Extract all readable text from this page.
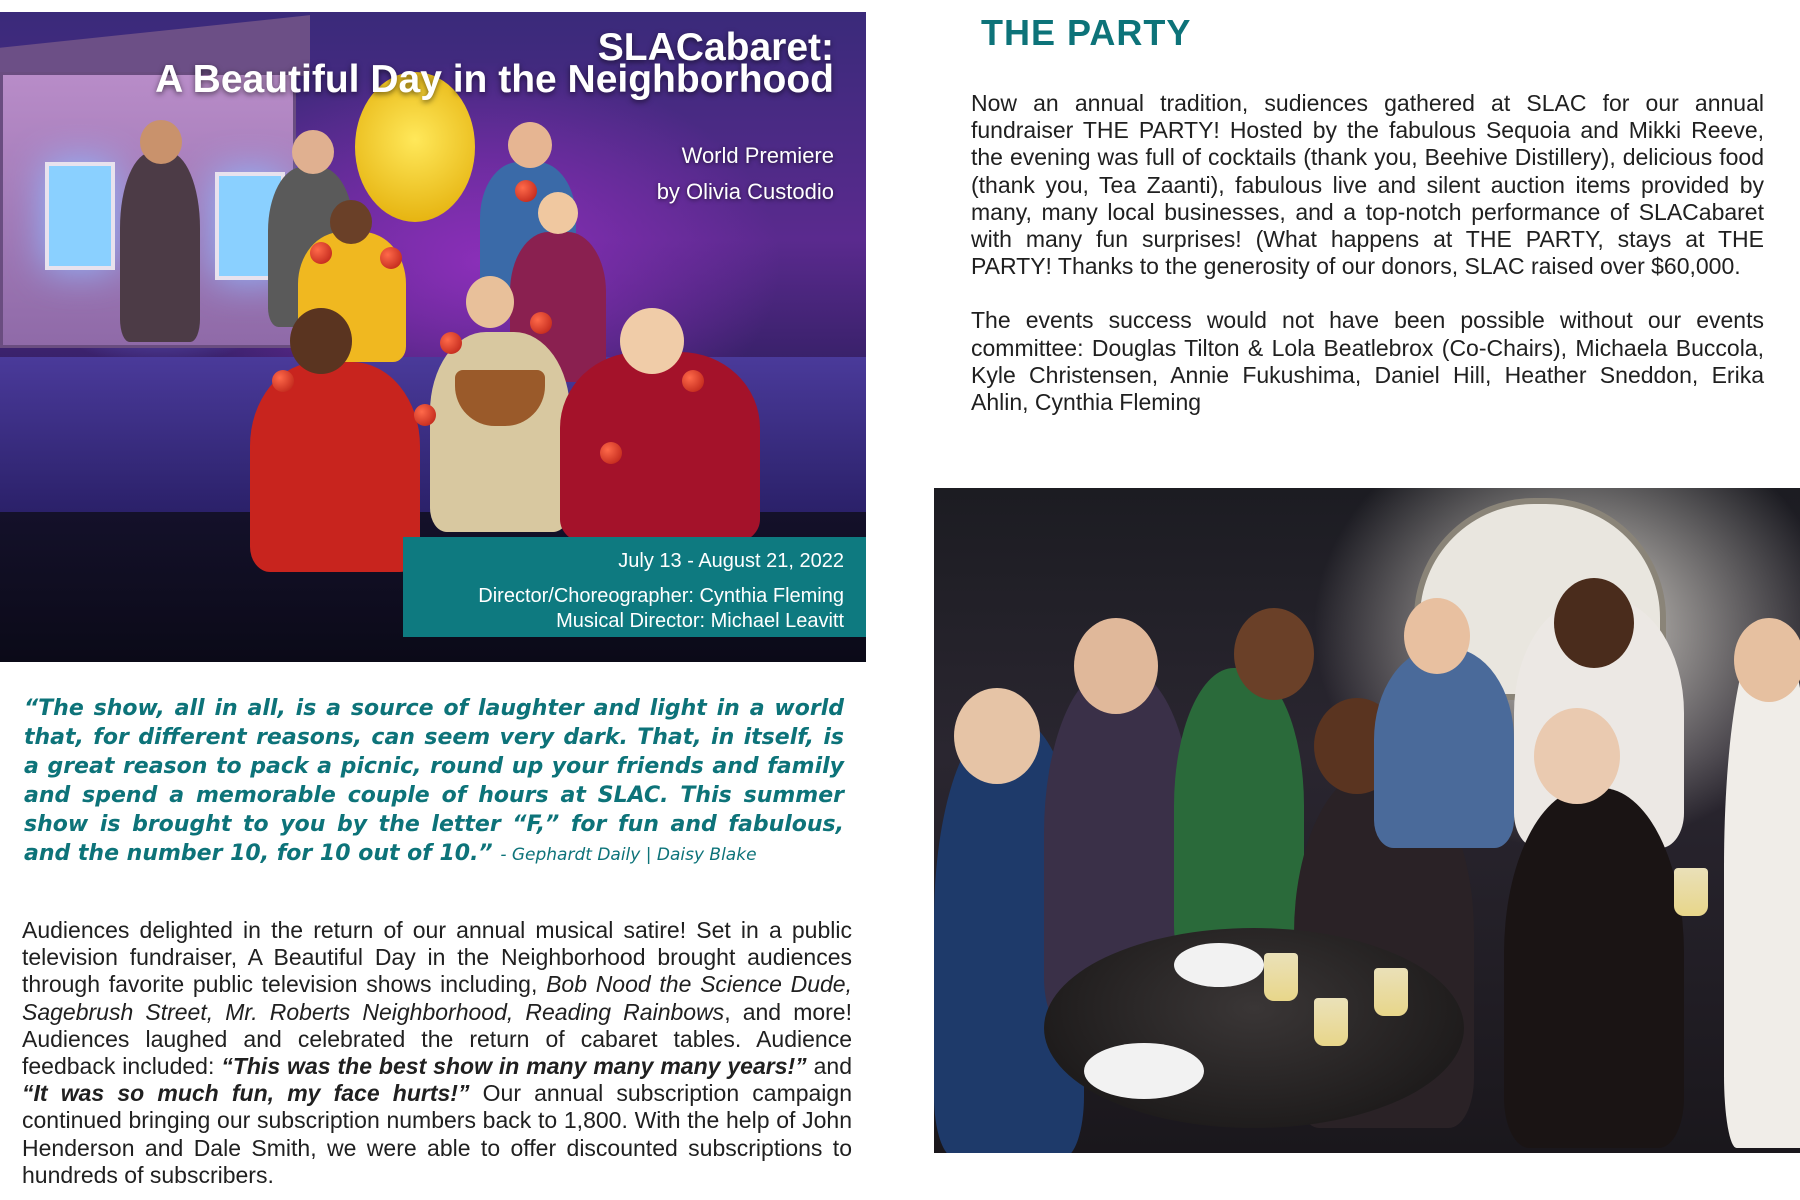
SLACabaret:
A Beautiful Day in the Neighborhood
World Premiere
by Olivia Custodio
July 13 - August 21, 2022
Director/Choreographer: Cynthia Fleming
Musical Director: Michael Leavitt
“The show, all in all, is a source of laughter and light in a world that, for different reasons, can seem very dark. That, in itself, is a great reason to pack a picnic, round up your friends and family and spend a memorable couple of hours at SLAC. This summer show is brought to you by the letter “F,” for fun and fabulous, and the number 10, for 10 out of 10.” - Gephardt Daily | Daisy Blake
Audiences delighted in the return of our annual musical satire! Set in a public television fundraiser, A Beautiful Day in the Neighborhood brought audiences through favorite public television shows including, Bob Nood the Science Dude, Sagebrush Street, Mr. Roberts Neighborhood, Reading Rainbows, and more! Audiences laughed and celebrated the return of cabaret tables. Audience feedback included: “This was the best show in many many many years!” and “It was so much fun, my face hurts!” Our annual subscription campaign continued bringing our subscription numbers back to 1,800. With the help of John Henderson and Dale Smith, we were able to offer discounted subscriptions to hundreds of subscribers.
THE PARTY

Now an annual tradition, sudiences gathered at SLAC for our annual fundraiser THE PARTY! Hosted by the fabulous Sequoia and Mikki Reeve, the evening was full of cocktails (thank you, Beehive Distillery), delicious food (thank you, Tea Zaanti), fabulous live and silent auction items provided by many, many local businesses, and a top-notch performance of SLACabaret with many fun surprises! (What happens at THE PARTY, stays at THE PARTY! Thanks to the generosity of our donors, SLAC raised over $60,000.

The events success would not have been possible without our events committee: Douglas Tilton & Lola Beatlebrox (Co-Chairs), Michaela Buccola, Kyle Christensen, Annie Fukushima, Daniel Hill, Heather Sneddon, Erika Ahlin, Cynthia Fleming
